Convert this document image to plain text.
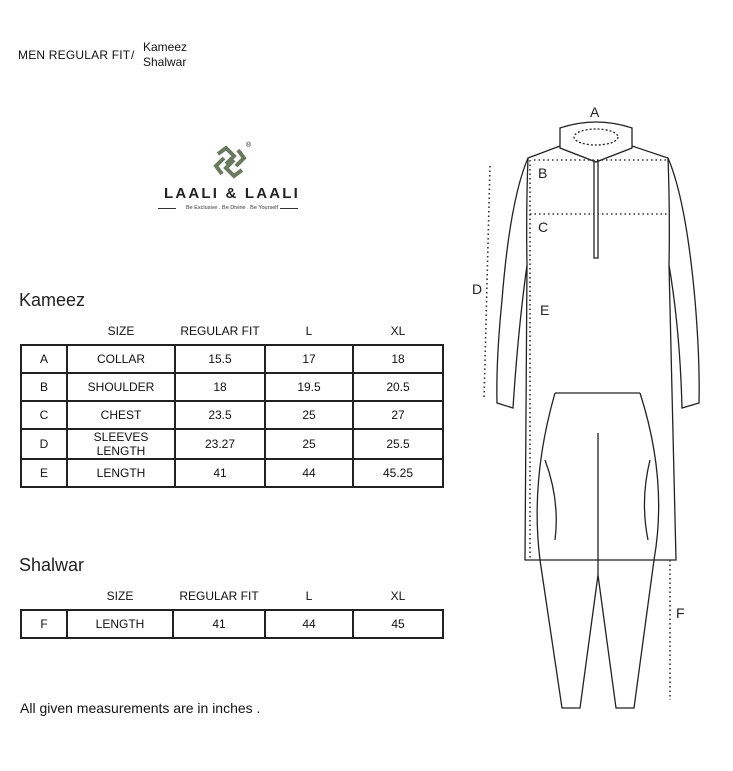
MEN REGULAR FIT /
Kameez
Shalwar
®
LAALI & LAALI
Be Exclusive . Be Divine . Be Yourself
Kameez
	SIZE	REGULAR FIT	L	XL
A	COLLAR	15.5	17	18
B	SHOULDER	18	19.5	20.5
C	CHEST	23.5	25	27
D	SLEEVES LENGTH	23.27	25	25.5
E	LENGTH	41	44	45.25
Shalwar
	SIZE	REGULAR FIT	L	XL
F	LENGTH	41	44	45
All given measurements are in inches .
A
B
C
D
E
F
